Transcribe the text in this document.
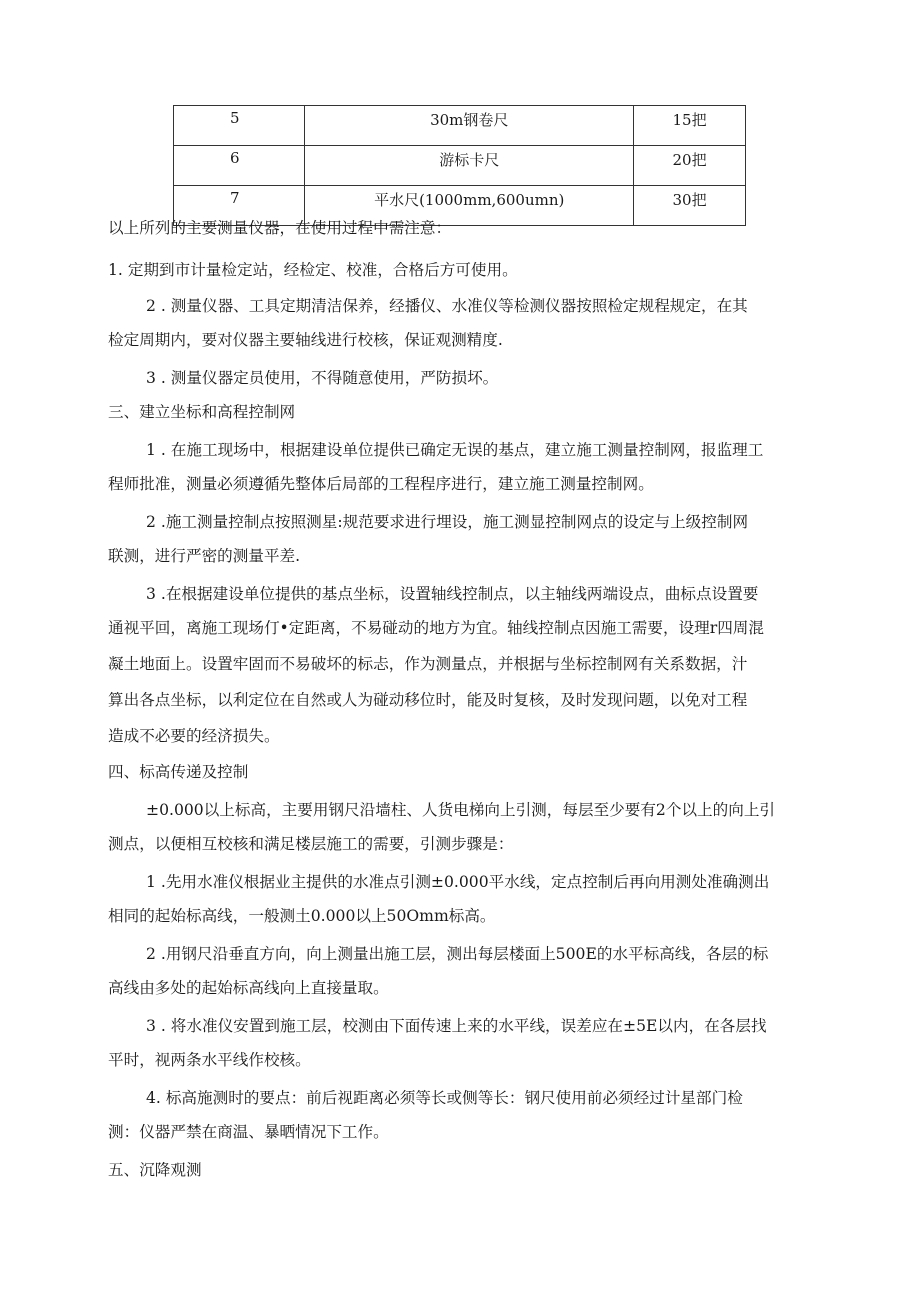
5	30m钢卷尺	15把
6	游标卡尺	20把
7	平水尺(1000mm,600umn)	30把

以上所列的主要测量仪器，在使用过程中需注意：

1. 定期到市计量检定站，经检定、校准，合格后方可使用。

2 . 测量仪器、工具定期清洁保养，经播仪、水准仪等检测仪器按照检定规程规定，在其

检定周期内，要对仪器主要轴线进行校核，保证观测精度.

3 . 测量仪器定员使用，不得随意使用，严防损坏。

三、建立坐标和高程控制网

1 . 在施工现场中，根据建设单位提供已确定无误的基点，建立施工测量控制网，报监理工

程师批准，测量必须遵循先整体后局部的工程程序进行，建立施工测量控制网。

2 .施工测量控制点按照测星:规范要求进行埋设，施工测显控制网点的设定与上级控制网

联测，进行严密的测量平差.

3 .在根据建设单位提供的基点坐标，设置轴线控制点，以主轴线两端设点，曲标点设置要

通视平回，离施工现场仃•定距离，不易碰动的地方为宜。轴线控制点因施工需要，设理r四周混

凝土地面上。设置牢固而不易破坏的标忐，作为测量点，并根据与坐标控制网有关系数据，汁

算出各点坐标，以利定位在自然或人为碰动移位时，能及时复核，及时发现问题，以免对工程

造成不必要的经济损失。

四、标高传递及控制

±0.000以上标高，主要用钢尺沿墙柱、人货电梯向上引测，每层至少要有2个以上的向上引

测点，以便相互校核和满足楼层施工的需要，引测步骤是：

1 .先用水准仪根据业主提供的水准点引测±0.000平水线，定点控制后再向用测处准确测出

相同的起始标高线，一般测土0.000以上50Omm标高。

2 .用钢尺沿垂直方向，向上测量出施工层，测出每层楼面上500E的水平标高线，各层的标

高线由多处的起始标高线向上直接量取。

3 . 将水准仪安置到施工层，校测由下面传速上来的水平线，误差应在±5E以内，在各层找

平时，视两条水平线作校核。

4. 标高施测时的要点：前后视距离必须等长或侧等长：钢尺使用前必须经过计星部门检

测：仪器严禁在商温、暴晒情况下工作。

五、沉降观测
